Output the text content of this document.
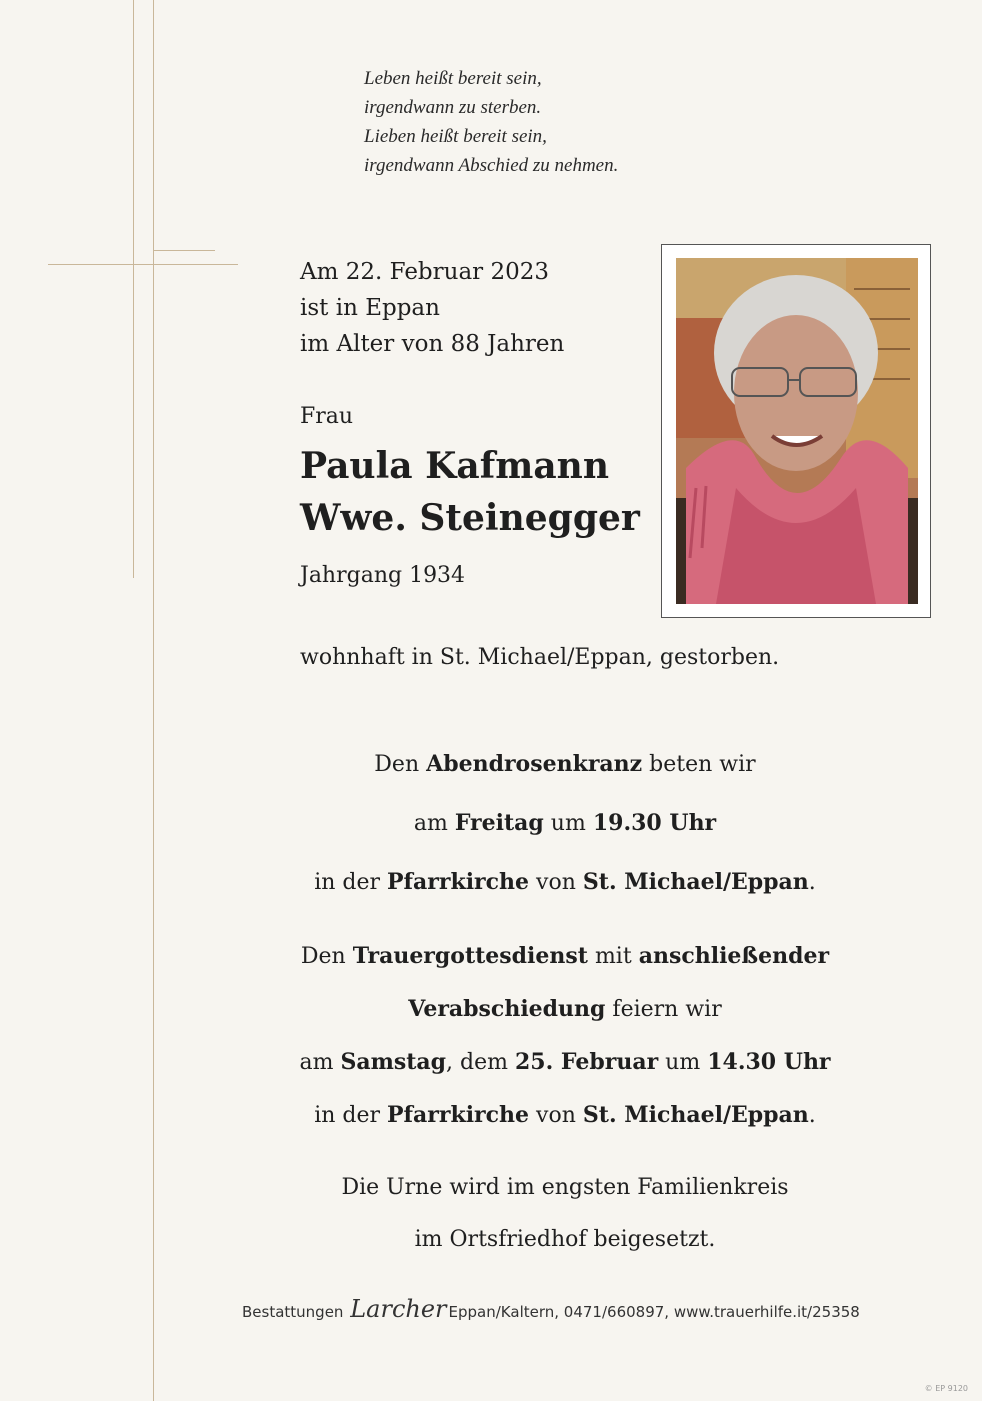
Leben heißt bereit sein,
irgendwann zu sterben.
Lieben heißt bereit sein,
irgendwann Abschied zu nehmen.
Am 22. Februar 2023
ist in Eppan
im Alter von 88 Jahren
Frau
Paula Kafmann
Wwe. Steinegger
Jahrgang 1934
wohnhaft in St. Michael/Eppan, gestorben.
Den Abendrosenkranz beten wir
am Freitag um 19.30 Uhr
in der Pfarrkirche von St. Michael/Eppan.
Den Trauergottesdienst mit anschließender
Verabschiedung feiern wir
am Samstag, dem 25. Februar um 14.30 Uhr
in der Pfarrkirche von St. Michael/Eppan.
Die Urne wird im engsten Familienkreis
im Ortsfriedhof beigesetzt.
Bestattungen Larcher Eppan/Kaltern, 0471/660897, www.trauerhilfe.it/25358
© EP 9120
